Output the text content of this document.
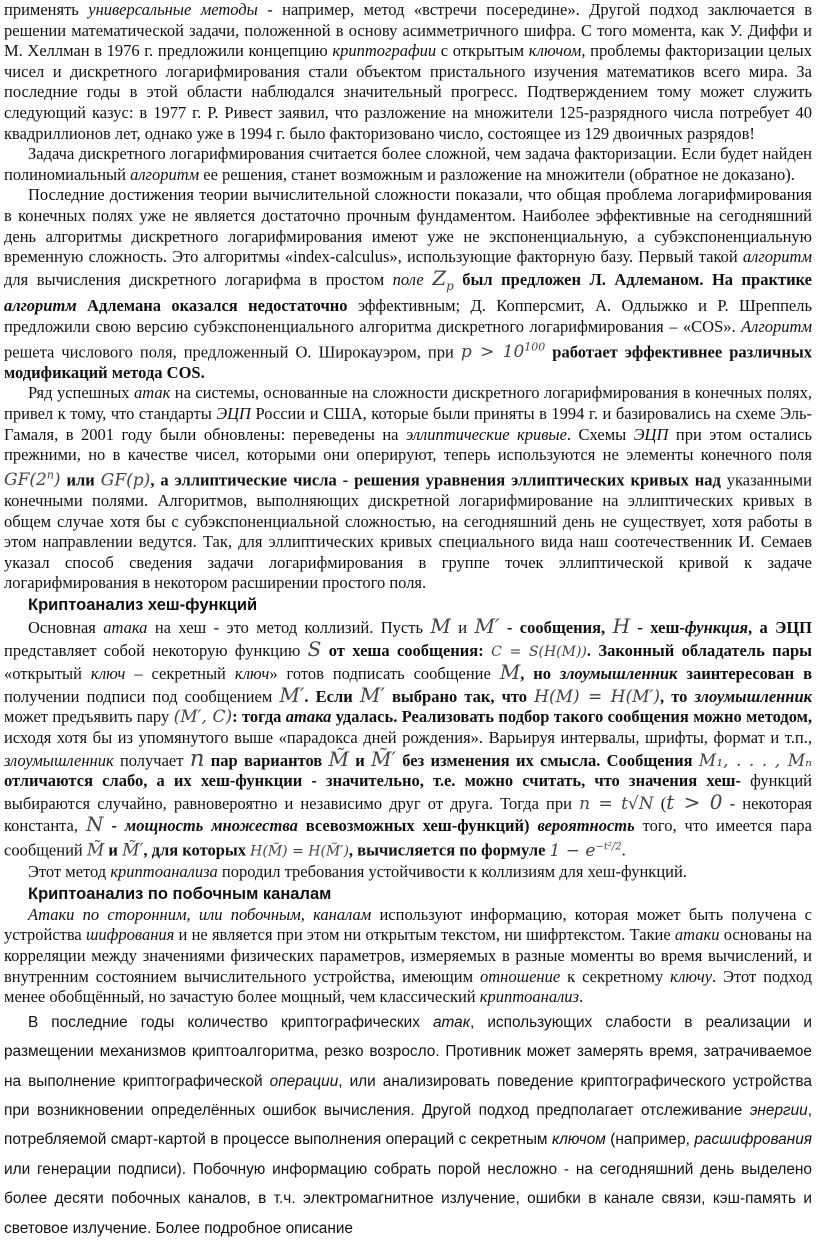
применять универсальные методы - например, метод «встречи посередине». Другой подход заключается в решении математической задачи, положенной в основу асимметричного шифра. С того момента, как У. Диффи и М. Хеллман в 1976 г. предложили концепцию криптографии с открытым ключом, проблемы факторизации целых чисел и дискретного логарифмирования стали объектом пристального изучения математиков всего мира. За последние годы в этой области наблюдался значительный прогресс. Подтверждением тому может служить следующий казус: в 1977 г. Р. Ривест заявил, что разложение на множители 125-разрядного числа потребует 40 квадриллионов лет, однако уже в 1994 г. было факторизовано число, состоящее из 129 двоичных разрядов!

Задача дискретного логарифмирования считается более сложной, чем задача факторизации. Если будет найден полиномиальный алгоритм ее решения, станет возможным и разложение на множители (обратное не доказано).

Последние достижения теории вычислительной сложности показали, что общая проблема логарифмирования в конечных полях уже не является достаточно прочным фундаментом. Наиболее эффективные на сегодняшний день алгоритмы дискретного логарифмирования имеют уже не экспоненциальную, а субэкспоненциальную временную сложность. Это алгоритмы «index-calculus», использующие факторную базу. Первый такой алгоритм для вычисления дискретного логарифма в простом поле $Z_p$ был предложен Л. Адлеманом. На практике алгоритм Адлемана оказался недостаточно эффективным; Д. Копперсмит, А. Одлыжко и Р. Шреппель предложили свою версию субэкспоненциального алгоритма дискретного логарифмирования – «COS». Алгоритм решета числового поля, предложенный О. Широкауэром, при $p > 10^{100}$ работает эффективнее различных модификаций метода COS.

Ряд успешных атак на системы, основанные на сложности дискретного логарифмирования в конечных полях, привел к тому, что стандарты ЭЦП России и США, которые были приняты в 1994 г. и базировались на схеме Эль-Гамаля, в 2001 году были обновлены: переведены на эллиптические кривые. Схемы ЭЦП при этом остались прежними, но в качестве чисел, которыми они оперируют, теперь используются не элементы конечного поля GF(2$^n$) или GF(p), а эллиптические числа - решения уравнения эллиптических кривых над указанными конечными полями. Алгоритмов, выполняющих дискретной логарифмирование на эллиптических кривых в общем случае хотя бы с субэкспоненциальной сложностью, на сегодняшний день не существует, хотя работы в этом направлении ведутся. Так, для эллиптических кривых специального вида наш соотечественник И. Семаев указал способ сведения задачи логарифмирования в группе точек эллиптической кривой к задаче логарифмирования в некотором расширении простого поля.

Криптоанализ хеш-функций

Основная атака на хеш - это метод коллизий. Пусть M и M′ - сообщения, H - хеш-функция, а ЭЦП представляет собой некоторую функцию S от хеша сообщения: C = S(H(M)). Законный обладатель пары «открытый ключ – секретный ключ» готов подписать сообщение M, но злоумышленник заинтересован в получении подписи под сообщением M′. Если M′ выбрано так, что H(M) = H(M′), то злоумышленник может предъявить пару (M′, C): тогда атака удалась. Реализовать подбор такого сообщения можно методом, исходя хотя бы из упомянутого выше «парадокса дней рождения». Варьируя интервалы, шрифты, формат и т.п., злоумышленник получает n пар вариантов M̃ и M̃′ без изменения их смысла. Сообщения M₁, . . . , Mₙ отличаются слабо, а их хеш-функции - значительно, т.е. можно считать, что значения хеш- функций выбираются случайно, равновероятно и независимо друг от друга. Тогда при n = t√N (t > 0 - некоторая константа, N - мощность множества всевозможных хеш-функций) вероятность того, что имеется пара сообщений M̃ и M̃′, для которых H(M̃) = H(M̃′), вычисляется по формуле $1 - e^{-t^2/2}$.

Этот метод криптоанализа породил требования устойчивости к коллизиям для хеш-функций.

Криптоанализ по побочным каналам

Атаки по сторонним, или побочным, каналам используют информацию, которая может быть получена с устройства шифрования и не является при этом ни открытым текстом, ни шифртекстом. Такие атаки основаны на корреляции между значениями физических параметров, измеряемых в разные моменты во время вычислений, и внутренним состоянием вычислительного устройства, имеющим отношение к секретному ключу. Этот подход менее обобщённый, но зачастую более мощный, чем классический криптоанализ.

В последние годы количество криптографических атак, использующих слабости в реализации и размещении механизмов криптоалгоритма, резко возросло. Противник может замерять время, затрачиваемое на выполнение криптографической операции, или анализировать поведение криптографического устройства при возникновении определённых ошибок вычисления. Другой подход предполагает отслеживание энергии, потребляемой смарт-картой в процессе выполнения операций с секретным ключом (например, расшифрования или генерации подписи). Побочную информацию собрать порой несложно - на сегодняшний день выделено более десяти побочных каналов, в т.ч. электромагнитное излучение, ошибки в канале связи, кэш-память и световое излучение. Более подробное описание
